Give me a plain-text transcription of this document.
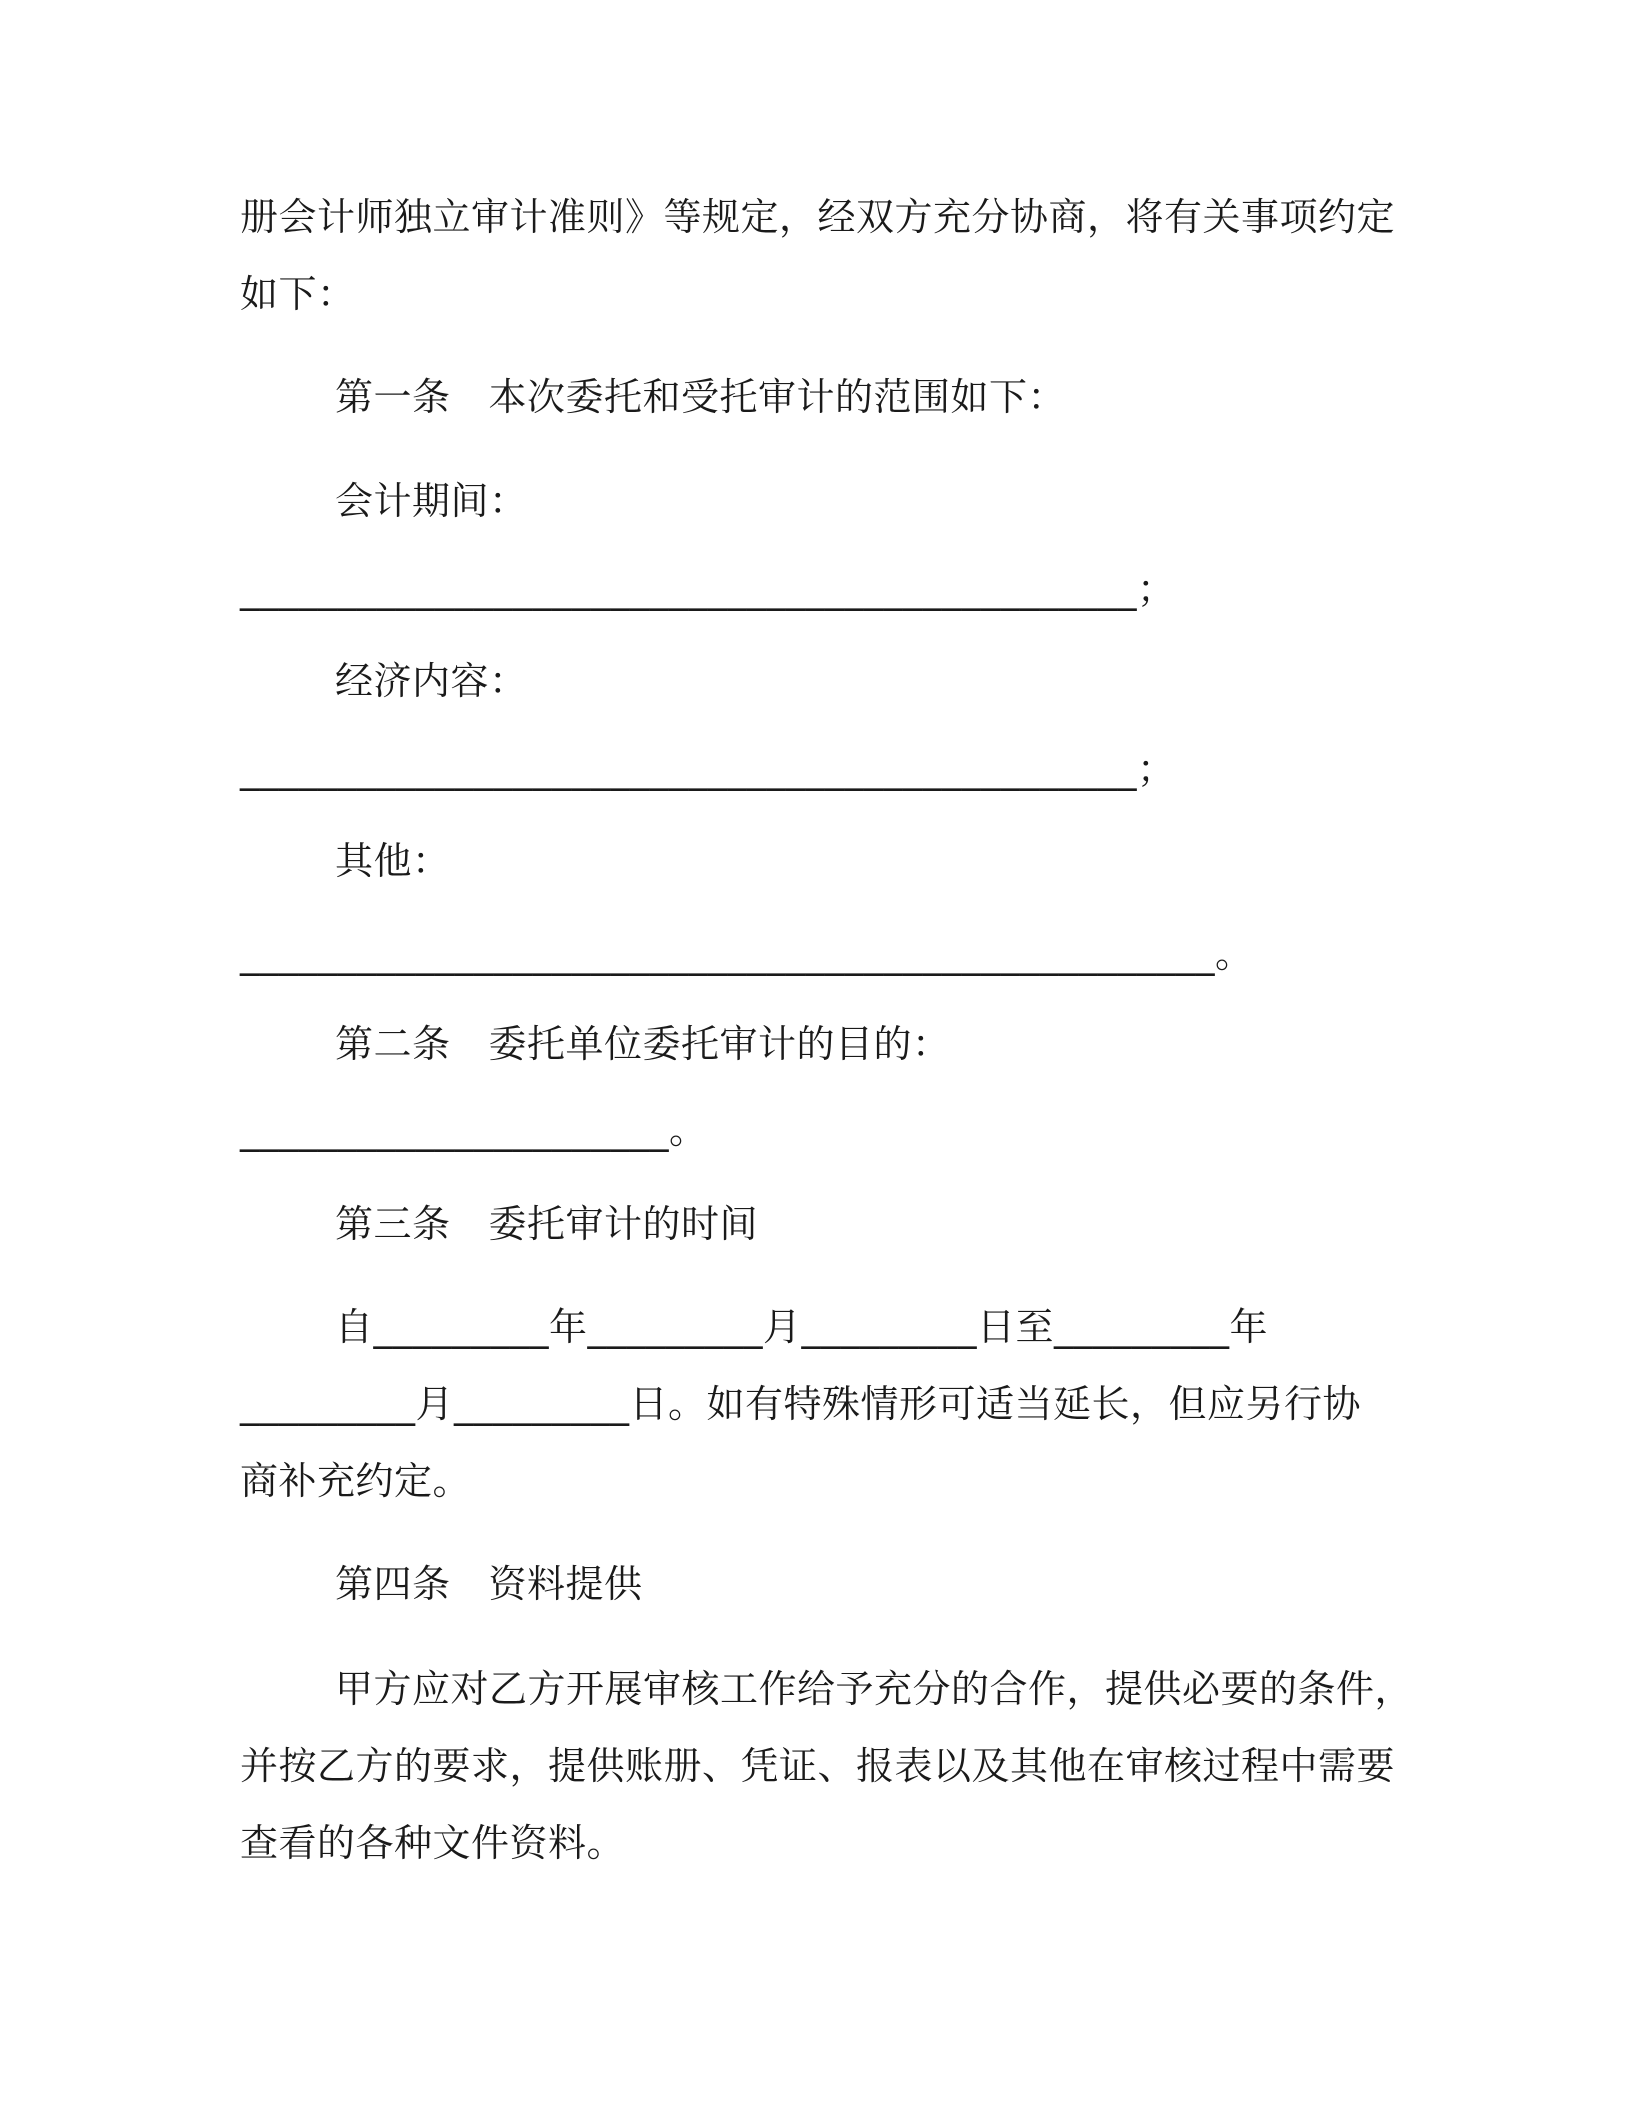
册会计师独立审计准则》等规定，经双方充分协商，将有关事项约定
如下：
第一条 本次委托和受托审计的范围如下：
会计期间：
______________________________________________；
经济内容：
______________________________________________；
其他：
__________________________________________________。
第二条 委托单位委托审计的目的：
______________________。
第三条 委托审计的时间
自_________年_________月_________日至_________年
_________月_________日。如有特殊情形可适当延长，但应另行协
商补充约定。
第四条 资料提供
甲方应对乙方开展审核工作给予充分的合作，提供必要的条件，
并按乙方的要求，提供账册、凭证、报表以及其他在审核过程中需要
查看的各种文件资料。
